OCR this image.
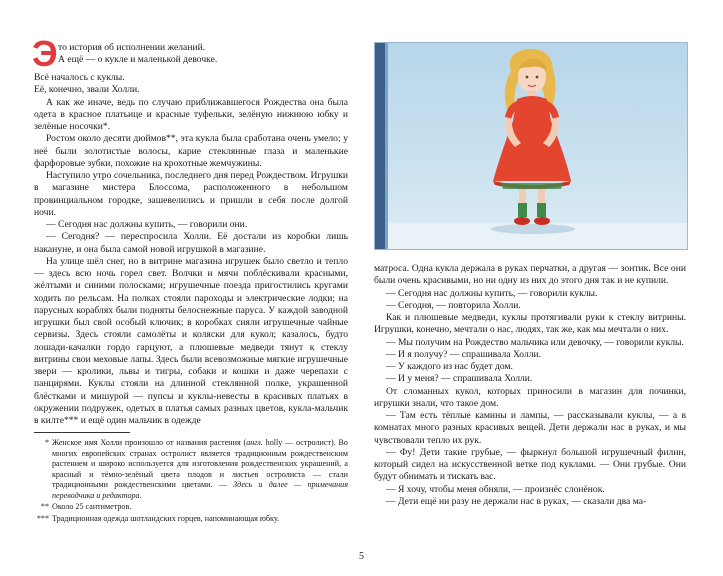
Э то история об исполнении желаний.
А ещё — о кукле и маленькой девочке.

Всё началось с куклы.

Её, конечно, звали Холли.

А как же иначе, ведь по случаю приближавшегося Рождества она была одета в красное платьице и красные туфельки, зелёную нижнюю юбку и зелёные носочки*.

Ростом около десяти дюймов**, эта кукла была сработана очень умело; у неё были золотистые волосы, карие стеклянные глаза и маленькие фарфоровые зубки, похожие на крохотные жемчужины.

Наступило утро сочельника, последнего дня перед Рождеством. Игрушки в магазине мистера Блоссома, расположенного в небольшом провинциальном городке, зашевелились и пришли в себя после долгой ночи.

— Сегодня нас должны купить, — говорили они.

— Сегодня? — переспросила Холли. Её достали из коробки лишь накануне, и она была самой новой игрушкой в магазине.

На улице шёл снег, но в витрине магазина игрушек было светло и тепло — здесь всю ночь горел свет. Волчки и мячи поблёскивали красными, жёлтыми и синими полосками; игрушечные поезда пригостились кругами ходить по рельсам. На полках стояли пароходы и электрические лодки; на парусных кораблях были подняты белоснежные паруса. У каждой заводной игрушки был свой особый ключик; в коробках сияли игрушечные чайные сервизы. Здесь стояли самолёты и коляски для кукол; казалось, будто лошади-качалки гордо гарцуют, а плюшевые медведи тянут к стеклу витрины свои меховые лапы. Здесь были всевозможные мягкие игрушечные звери — кролики, львы и тигры, собаки и кошки и даже черепахи с панцирями. Куклы стояли на длинной стеклянной полке, украшенной блёстками и мишурой — пупсы и куклы-невесты в красивых платьях в окружении подружек, одетых в платья самых разных цветов, кукла-мальчик в килте*** и ещё один мальчик в одежде

* Женское имя Холли произошло от названия растения (англ. holly — остролист). Во многих европейских странах остролист является традиционным рождественским растением и широко используется для изготовления рождественских украшений, а красный и тёмно-зелёный цвета плодов и листьев остролиста — стали традиционными рождественскими цветами. — Здесь и далее — примечания переводчика и редактора.

** Около 25 сантиметров.

*** Традиционная одежда шотландских горцев, напоминающая юбку.

матроса. Одна кукла держала в руках перчатки, а другая — зонтик. Все они были очень красивыми, но ни одну из них до этого дня так и не купили.

— Сегодня нас должны купить, — говорили куклы.

— Сегодня, — повторила Холли.

Как и плюшевые медведи, куклы протягивали руки к стеклу витрины. Игрушки, конечно, мечтали о нас, людях, так же, как мы мечтали о них.

— Мы получим на Рождество мальчика или девочку, — говорили куклы.

— И я получу? — спрашивала Холли.

— У каждого из нас будет дом.

— И у меня? — спрашивала Холли.

От сломанных кукол, которых приносили в магазин для починки, игрушки знали, что такое дом.

— Там есть тёплые камины и лампы, — рассказывали куклы, — а в комнатах много разных красивых вещей. Дети держали нас в руках, и мы чувствовали тепло их рук.

— Фу! Дети такие грубые, — фыркнул большой игрушечный филин, который сидел на искусственной ветке под куклами. — Они грубые. Они будут обнимать и тискать вас.

— Я хочу, чтобы меня обняли, — произнёс слонёнок.

— Дети ещё ни разу не держали нас в руках, — сказали два ма-

5
